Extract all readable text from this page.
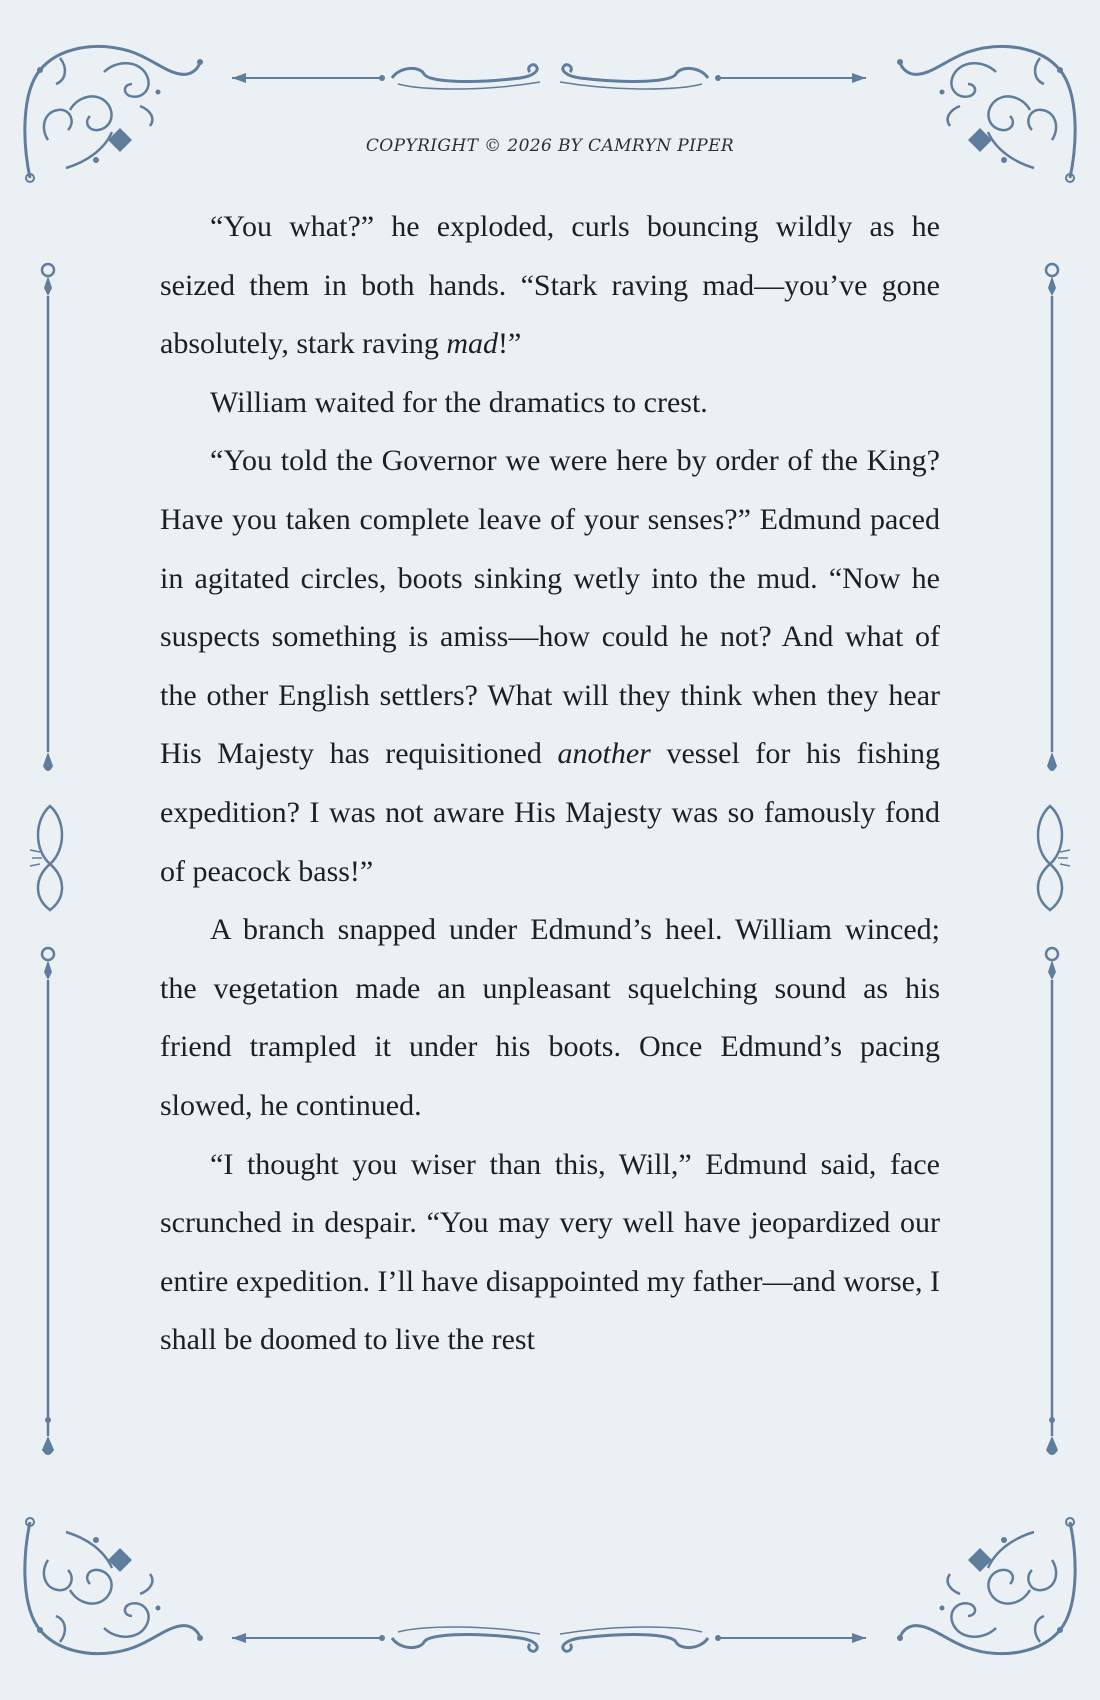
COPYRIGHT © 2026 BY CAMRYN PIPER

“You what?” he exploded, curls bouncing wildly as he seized them in both hands. “Stark raving mad—you’ve gone absolutely, stark raving mad!”

William waited for the dramatics to crest.

“You told the Governor we were here by order of the King? Have you taken complete leave of your senses?” Edmund paced in agitated circles, boots sinking wetly into the mud. “Now he suspects something is amiss—how could he not? And what of the other English settlers? What will they think when they hear His Majesty has requisitioned another vessel for his fishing expedition? I was not aware His Majesty was so famously fond of peacock bass!”

A branch snapped under Edmund’s heel. William winced; the vegetation made an unpleasant squelching sound as his friend trampled it under his boots. Once Edmund’s pacing slowed, he continued.

“I thought you wiser than this, Will,” Edmund said, face scrunched in despair. “You may very well have jeopardized our entire expedition. I’ll have disappointed my father—and worse, I shall be doomed to live the rest
